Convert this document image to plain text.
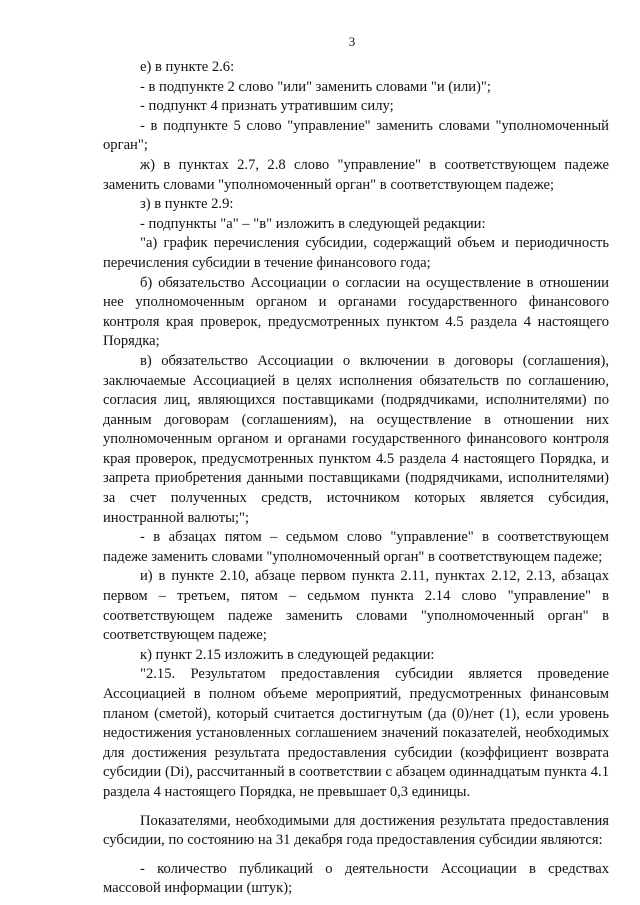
3

е) в пункте 2.6:

- в подпункте 2 слово "или" заменить словами "и (или)";

- подпункт 4 признать утратившим силу;

- в подпункте 5 слово "управление" заменить словами "уполномоченный орган";

ж) в пунктах 2.7, 2.8 слово "управление" в соответствующем падеже заменить словами "уполномоченный орган" в соответствующем падеже;

з) в пункте 2.9:

- подпункты "а" – "в" изложить в следующей редакции:

"а) график перечисления субсидии, содержащий объем и периодичность перечисления субсидии в течение финансового года;

б) обязательство Ассоциации о согласии на осуществление в отношении нее уполномоченным органом и органами государственного финансового контроля края проверок, предусмотренных пунктом 4.5 раздела 4 настоящего Порядка;

в) обязательство Ассоциации о включении в договоры (соглашения), заключаемые Ассоциацией в целях исполнения обязательств по соглашению, согласия лиц, являющихся поставщиками (подрядчиками, исполнителями) по данным договорам (соглашениям), на осуществление в отношении них уполномоченным органом и органами государственного финансового контроля края проверок, предусмотренных пунктом 4.5 раздела 4 настоящего Порядка, и запрета приобретения данными поставщиками (подрядчиками, исполнителями) за счет полученных средств, источником которых является субсидия, иностранной валюты;";

- в абзацах пятом – седьмом слово "управление" в соответствующем падеже заменить словами "уполномоченный орган" в соответствующем падеже;

и) в пункте 2.10, абзаце первом пункта 2.11, пунктах 2.12, 2.13, абзацах первом – третьем, пятом – седьмом пункта 2.14 слово "управление" в соответствующем падеже заменить словами "уполномоченный орган" в соответствующем падеже;

к) пункт 2.15 изложить в следующей редакции:

"2.15. Результатом предоставления субсидии является проведение Ассоциацией в полном объеме мероприятий, предусмотренных финансовым планом (сметой), который считается достигнутым (да (0)/нет (1), если уровень недостижения установленных соглашением значений показателей, необходимых для достижения результата предоставления субсидии (коэффициент возврата субсидии (Di), рассчитанный в соответствии с абзацем одиннадцатым пункта 4.1 раздела 4 настоящего Порядка, не превышает 0,3 единицы.

Показателями, необходимыми для достижения результата предоставления субсидии, по состоянию на 31 декабря года предоставления субсидии являются:

- количество публикаций о деятельности Ассоциации в средствах массовой информации (штук);
